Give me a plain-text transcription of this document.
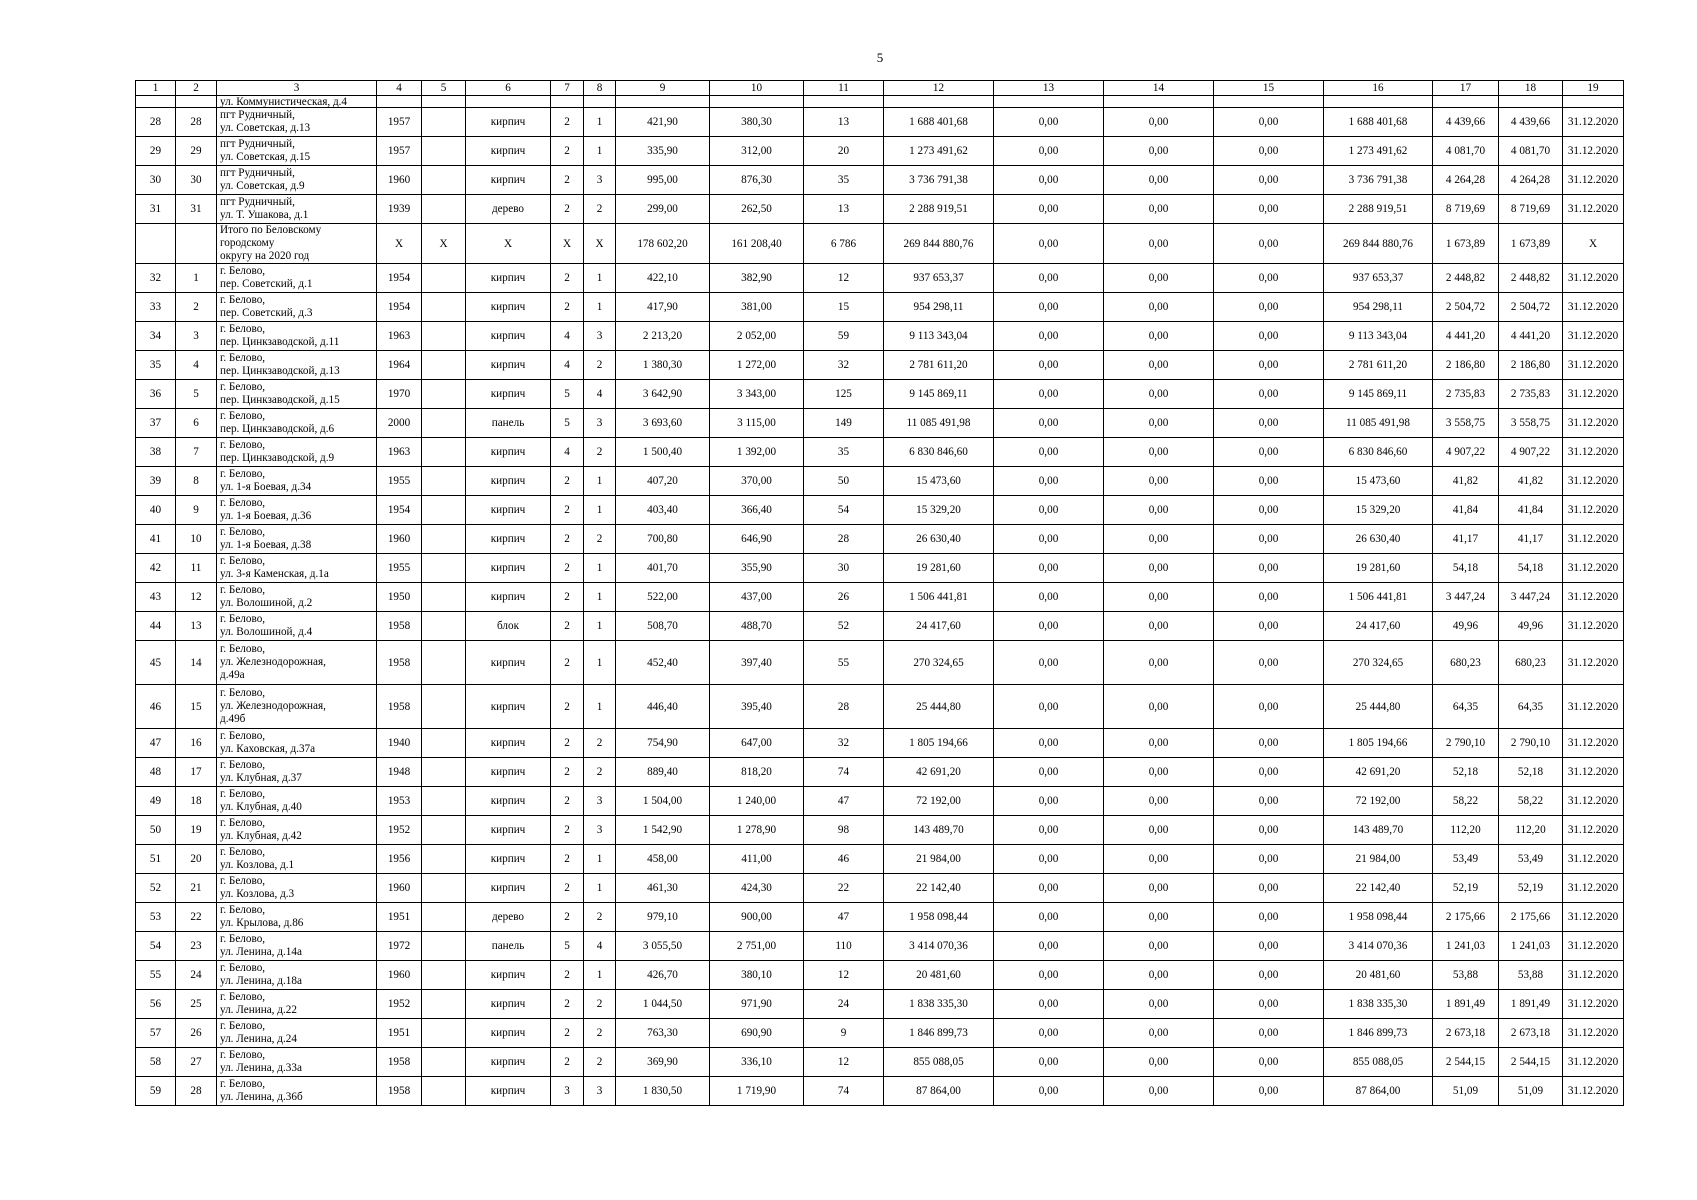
5
1	2	3	4	5	6	7	8	9	10	11	12	13	14	15	16	17	18	19
		ул. Коммунистическая, д.4																
28	28	пгт Рудничный,
ул. Советская, д.13	1957		кирпич	2	1	421,90	380,30	13	1 688 401,68	0,00	0,00	0,00	1 688 401,68	4 439,66	4 439,66	31.12.2020
29	29	пгт Рудничный,
ул. Советская, д.15	1957		кирпич	2	1	335,90	312,00	20	1 273 491,62	0,00	0,00	0,00	1 273 491,62	4 081,70	4 081,70	31.12.2020
30	30	пгт Рудничный,
ул. Советская, д.9	1960		кирпич	2	3	995,00	876,30	35	3 736 791,38	0,00	0,00	0,00	3 736 791,38	4 264,28	4 264,28	31.12.2020
31	31	пгт Рудничный,
ул. Т. Ушакова, д.1	1939		дерево	2	2	299,00	262,50	13	2 288 919,51	0,00	0,00	0,00	2 288 919,51	8 719,69	8 719,69	31.12.2020

		Итого по Беловскому городскому
округу на 2020 год	X	X	X	X	X	178 602,20	161 208,40	6 786	269 844 880,76	0,00	0,00	0,00	269 844 880,76	1 673,89	1 673,89	X
32	1	г. Белово,
пер. Советский, д.1	1954		кирпич	2	1	422,10	382,90	12	937 653,37	0,00	0,00	0,00	937 653,37	2 448,82	2 448,82	31.12.2020
33	2	г. Белово,
пер. Советский, д.3	1954		кирпич	2	1	417,90	381,00	15	954 298,11	0,00	0,00	0,00	954 298,11	2 504,72	2 504,72	31.12.2020
34	3	г. Белово,
пер. Цинкзаводской, д.11	1963		кирпич	4	3	2 213,20	2 052,00	59	9 113 343,04	0,00	0,00	0,00	9 113 343,04	4 441,20	4 441,20	31.12.2020
35	4	г. Белово,
пер. Цинкзаводской, д.13	1964		кирпич	4	2	1 380,30	1 272,00	32	2 781 611,20	0,00	0,00	0,00	2 781 611,20	2 186,80	2 186,80	31.12.2020
36	5	г. Белово,
пер. Цинкзаводской, д.15	1970		кирпич	5	4	3 642,90	3 343,00	125	9 145 869,11	0,00	0,00	0,00	9 145 869,11	2 735,83	2 735,83	31.12.2020
37	6	г. Белово,
пер. Цинкзаводской, д.6	2000		панель	5	3	3 693,60	3 115,00	149	11 085 491,98	0,00	0,00	0,00	11 085 491,98	3 558,75	3 558,75	31.12.2020
38	7	г. Белово,
пер. Цинкзаводской, д.9	1963		кирпич	4	2	1 500,40	1 392,00	35	6 830 846,60	0,00	0,00	0,00	6 830 846,60	4 907,22	4 907,22	31.12.2020
39	8	г. Белово,
ул. 1-я Боевая, д.34	1955		кирпич	2	1	407,20	370,00	50	15 473,60	0,00	0,00	0,00	15 473,60	41,82	41,82	31.12.2020
40	9	г. Белово,
ул. 1-я Боевая, д.36	1954		кирпич	2	1	403,40	366,40	54	15 329,20	0,00	0,00	0,00	15 329,20	41,84	41,84	31.12.2020
41	10	г. Белово,
ул. 1-я Боевая, д.38	1960		кирпич	2	2	700,80	646,90	28	26 630,40	0,00	0,00	0,00	26 630,40	41,17	41,17	31.12.2020
42	11	г. Белово,
ул. 3-я Каменская, д.1а	1955		кирпич	2	1	401,70	355,90	30	19 281,60	0,00	0,00	0,00	19 281,60	54,18	54,18	31.12.2020
43	12	г. Белово,
ул. Волошиной, д.2	1950		кирпич	2	1	522,00	437,00	26	1 506 441,81	0,00	0,00	0,00	1 506 441,81	3 447,24	3 447,24	31.12.2020
44	13	г. Белово,
ул. Волошиной, д.4	1958		блок	2	1	508,70	488,70	52	24 417,60	0,00	0,00	0,00	24 417,60	49,96	49,96	31.12.2020
45	14	г. Белово,
ул. Железнодорожная,
д.49а	1958		кирпич	2	1	452,40	397,40	55	270 324,65	0,00	0,00	0,00	270 324,65	680,23	680,23	31.12.2020
46	15	г. Белово,
ул. Железнодорожная,
д.49б	1958		кирпич	2	1	446,40	395,40	28	25 444,80	0,00	0,00	0,00	25 444,80	64,35	64,35	31.12.2020
47	16	г. Белово,
ул. Каховская, д.37а	1940		кирпич	2	2	754,90	647,00	32	1 805 194,66	0,00	0,00	0,00	1 805 194,66	2 790,10	2 790,10	31.12.2020
48	17	г. Белово,
ул. Клубная, д.37	1948		кирпич	2	2	889,40	818,20	74	42 691,20	0,00	0,00	0,00	42 691,20	52,18	52,18	31.12.2020
49	18	г. Белово,
ул. Клубная, д.40	1953		кирпич	2	3	1 504,00	1 240,00	47	72 192,00	0,00	0,00	0,00	72 192,00	58,22	58,22	31.12.2020
50	19	г. Белово,
ул. Клубная, д.42	1952		кирпич	2	3	1 542,90	1 278,90	98	143 489,70	0,00	0,00	0,00	143 489,70	112,20	112,20	31.12.2020
51	20	г. Белово,
ул. Козлова, д.1	1956		кирпич	2	1	458,00	411,00	46	21 984,00	0,00	0,00	0,00	21 984,00	53,49	53,49	31.12.2020
52	21	г. Белово,
ул. Козлова, д.3	1960		кирпич	2	1	461,30	424,30	22	22 142,40	0,00	0,00	0,00	22 142,40	52,19	52,19	31.12.2020
53	22	г. Белово,
ул. Крылова, д.86	1951		дерево	2	2	979,10	900,00	47	1 958 098,44	0,00	0,00	0,00	1 958 098,44	2 175,66	2 175,66	31.12.2020
54	23	г. Белово,
ул. Ленина, д.14а	1972		панель	5	4	3 055,50	2 751,00	110	3 414 070,36	0,00	0,00	0,00	3 414 070,36	1 241,03	1 241,03	31.12.2020
55	24	г. Белово,
ул. Ленина, д.18а	1960		кирпич	2	1	426,70	380,10	12	20 481,60	0,00	0,00	0,00	20 481,60	53,88	53,88	31.12.2020
56	25	г. Белово,
ул. Ленина, д.22	1952		кирпич	2	2	1 044,50	971,90	24	1 838 335,30	0,00	0,00	0,00	1 838 335,30	1 891,49	1 891,49	31.12.2020
57	26	г. Белово,
ул. Ленина, д.24	1951		кирпич	2	2	763,30	690,90	9	1 846 899,73	0,00	0,00	0,00	1 846 899,73	2 673,18	2 673,18	31.12.2020
58	27	г. Белово,
ул. Ленина, д.33а	1958		кирпич	2	2	369,90	336,10	12	855 088,05	0,00	0,00	0,00	855 088,05	2 544,15	2 544,15	31.12.2020
59	28	г. Белово,
ул. Ленина, д.36б	1958		кирпич	3	3	1 830,50	1 719,90	74	87 864,00	0,00	0,00	0,00	87 864,00	51,09	51,09	31.12.2020
